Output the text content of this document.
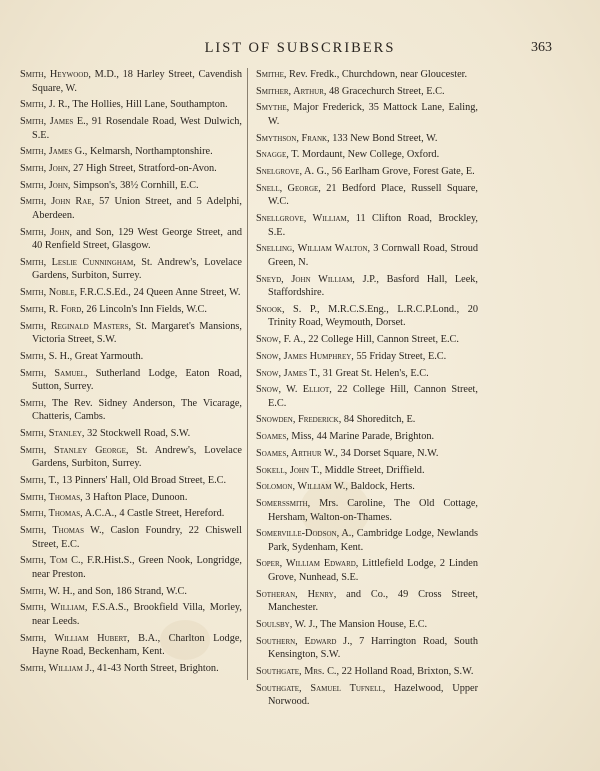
LIST OF SUBSCRIBERS	363
Smith, Heywood, M.D., 18 Harley Street, Cavendish Square, W.
Smith, J. R., The Hollies, Hill Lane, Southampton.
Smith, James E., 91 Rosendale Road, West Dulwich, S.E.
Smith, James G., Kelmarsh, Northamptonshire.
Smith, John, 27 High Street, Stratford-on-Avon.
Smith, John, Simpson's, 38½ Cornhill, E.C.
Smith, John Rae, 57 Union Street, and 5 Adelphi, Aberdeen.
Smith, John, and Son, 129 West George Street, and 40 Renfield Street, Glasgow.
Smith, Leslie Cunningham, St. Andrew's, Lovelace Gardens, Surbiton, Surrey.
Smith, Noble, F.R.C.S.Ed., 24 Queen Anne Street, W.
Smith, R. Ford, 26 Lincoln's Inn Fields, W.C.
Smith, Reginald Masters, St. Margaret's Mansions, Victoria Street, S.W.
Smith, S. H., Great Yarmouth.
Smith, Samuel, Sutherland Lodge, Eaton Road, Sutton, Surrey.
Smith, The Rev. Sidney Anderson, The Vicarage, Chatteris, Cambs.
Smith, Stanley, 32 Stockwell Road, S.W.
Smith, Stanley George, St. Andrew's, Lovelace Gardens, Surbiton, Surrey.
Smith, T., 13 Pinners' Hall, Old Broad Street, E.C.
Smith, Thomas, 3 Hafton Place, Dunoon.
Smith, Thomas, A.C.A., 4 Castle Street, Hereford.
Smith, Thomas W., Caslon Foundry, 22 Chiswell Street, E.C.
Smith, Tom C., F.R.Hist.S., Green Nook, Longridge, near Preston.
Smith, W. H., and Son, 186 Strand, W.C.
Smith, William, F.S.A.S., Brookfield Villa, Morley, near Leeds.
Smith, William Hubert, B.A., Charlton Lodge, Hayne Road, Beckenham, Kent.
Smith, William J., 41-43 North Street, Brighton.
Smithe, Rev. Fredk., Churchdown, near Gloucester.
Smither, Arthur, 48 Gracechurch Street, E.C.
Smythe, Major Frederick, 35 Mattock Lane, Ealing, W.
Smythson, Frank, 133 New Bond Street, W.
Snagge, T. Mordaunt, New College, Oxford.
Snelgrove, A. G., 56 Earlham Grove, Forest Gate, E.
Snell, George, 21 Bedford Place, Russell Square, W.C.
Snellgrove, William, 11 Clifton Road, Brockley, S.E.
Snelling, William Walton, 3 Cornwall Road, Stroud Green, N.
Sneyd, John William, J.P., Basford Hall, Leek, Staffordshire.
Snook, S. P., M.R.C.S.Eng., L.R.C.P.Lond., 20 Trinity Road, Weymouth, Dorset.
Snow, F. A., 22 College Hill, Cannon Street, E.C.
Snow, James Humphrey, 55 Friday Street, E.C.
Snow, James T., 31 Great St. Helen's, E.C.
Snow, W. Elliot, 22 College Hill, Cannon Street, E.C.
Snowden, Frederick, 84 Shoreditch, E.
Soames, Miss, 44 Marine Parade, Brighton.
Soames, Arthur W., 34 Dorset Square, N.W.
Sokell, John T., Middle Street, Driffield.
Solomon, William W., Baldock, Herts.
Somerssmith, Mrs. Caroline, The Old Cottage, Hersham, Walton-on-Thames.
Somerville-Dodson, A., Cambridge Lodge, Newlands Park, Sydenham, Kent.
Soper, William Edward, Littlefield Lodge, 2 Linden Grove, Nunhead, S.E.
Sotheran, Henry, and Co., 49 Cross Street, Manchester.
Soulsby, W. J., The Mansion House, E.C.
Southern, Edward J., 7 Harrington Road, South Kensington, S.W.
Southgate, Mrs. C., 22 Holland Road, Brixton, S.W.
Southgate, Samuel Tufnell, Hazelwood, Upper Norwood.
